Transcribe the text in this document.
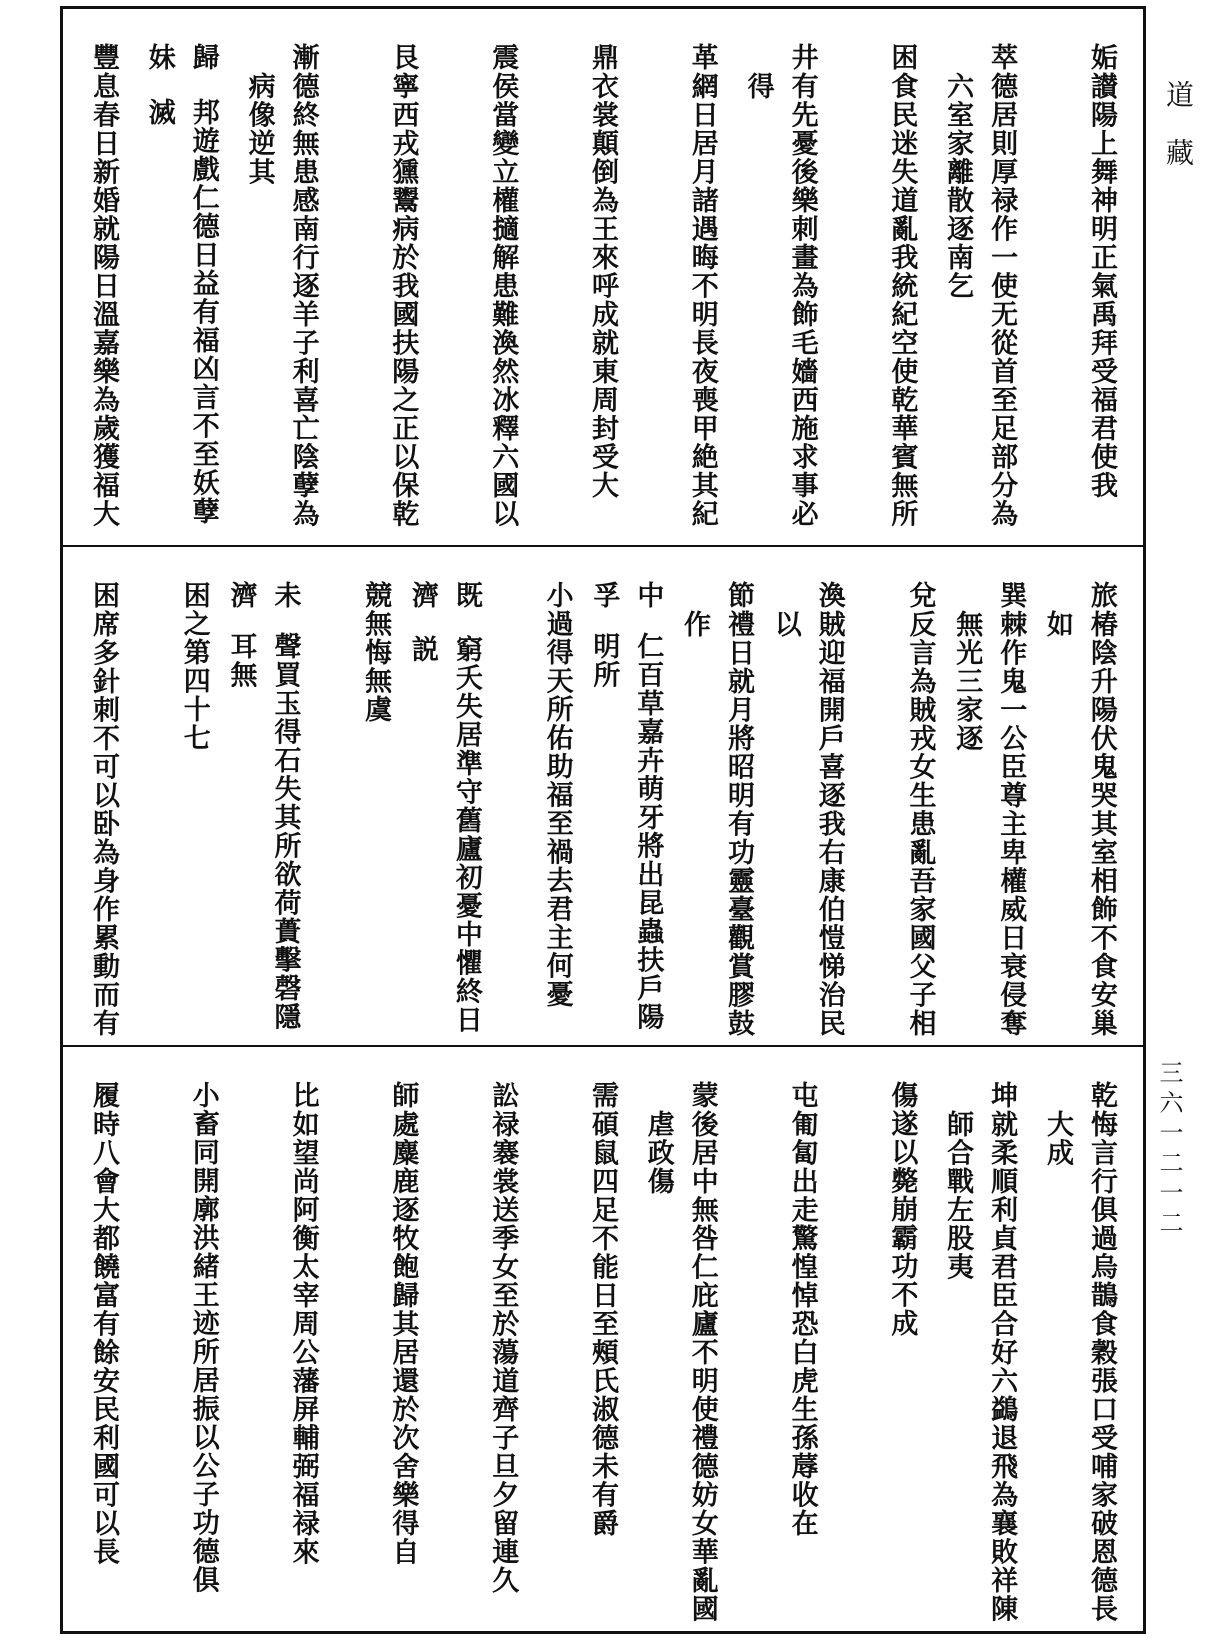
道藏
三六一二一二
姤
讃陽上舞神明正氣禹拜受福君使我
萃
德居則厚禄作一使无從首至足部分為六室家離散逐南乞
困
食民迷失道亂我統紀空使乾華賓無所
井
有先憂後樂刺畫為飾毛嬙西施求事必得
革
網日居月諸遇晦不明長夜喪甲絶其紀
鼎
衣裳顛倒為王來呼成就東周封受大
震
侯當變立權擿解患難渙然冰釋六國以
艮
寧西戎獯鬻病於我國扶陽之正以保乾
漸
德終無患感南行逐羊子利喜亡陰孽為病像逆其
歸妹
邦遊戲仁德日益有福凶言不至妖孽滅
豐
息春日新婚就陽日溫嘉樂為歲獲福大
旅
椿陰升陽伏鬼哭其室相飾不食安巢如
巽
棘作鬼一公臣尊主卑權威日衰侵奪無光三家逐
兌
反言為賊戎女生患亂吾家國父子相
渙
賊迎福開戶喜逐我右康伯愷悌治民以
節
禮日就月將昭明有功靈臺觀賞膠鼓作
中孚
仁百草嘉卉萌牙將出昆蟲扶戶陽明所
小過
得天所佑助福至禍去君主何憂
既濟
窮夭失居準守舊廬初憂中懼終日説
競無悔無虞
未濟
聲買玉得石失其所欲荷蕢擊磬隱耳無
困之第四十七
困
席多針刺不可以卧為身作累動而有
乾
悔言行俱過烏鵲食穀張口受哺家破恩德長大成
坤
就柔順利貞君臣合好六鷁退飛為襄敗祥陳師合戰左股夷
傷遂以斃崩霸功不成
屯
匍匐出走驚惶悼恐白虎生孫蓐收在
蒙
後居中無咎仁庇廬不明使禮德妨女華亂國虐政傷
需
碩鼠四足不能日至頰氏淑德未有爵
訟
禄褰裳送季女至於蕩道齊子旦夕留連久
師
處麋鹿逐牧飽歸其居還於次舍樂得自
比
如望尚阿衡太宰周公藩屏輔弼福禄來
小畜
同開廓洪緒王迹所居振以公子功德俱
履
時八會大都饒富有餘安民利國可以長
